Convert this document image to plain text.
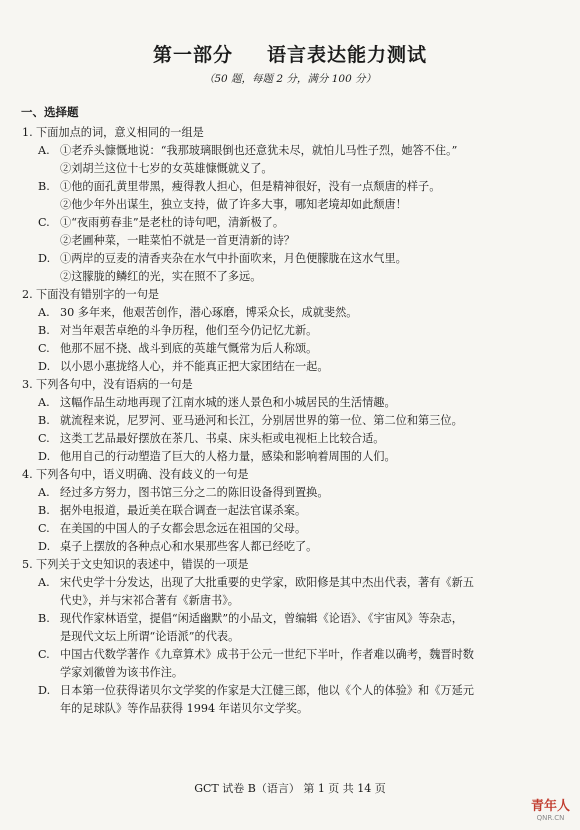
第一部分 语言表达能力测试
（50 题，每题 2 分，满分 100 分）
一、选择题
1. 下面加点的词，意义相同的一组是
A. ①老乔头慷慨地说：“我那玻璃眼倒也还意犹未尽，就怕儿马性子烈，她答不住。”
②刘胡兰这位十七岁的女英雄慷慨就义了。
B. ①他的面孔黄里带黑，瘦得教人担心，但是精神很好，没有一点颓唐的样子。
②他少年外出谋生，独立支持，做了许多大事，哪知老境却如此颓唐！
C. ①“夜雨剪春韭”是老杜的诗句吧，清新极了。
②老圃种菜，一畦菜怕不就是一首更清新的诗？
D. ①两岸的豆麦的清香夹杂在水气中扑面吹来，月色便朦胧在这水气里。
②这朦胧的鳞红的光，实在照不了多远。
2. 下面没有错别字的一句是
A. 30 多年来，他艰苦创作，潜心琢磨，博采众长，成就斐然。
B. 对当年艰苦卓绝的斗争历程，他们至今仍记忆尤新。
C. 他那不屈不挠、战斗到底的英雄气慨常为后人称颂。
D. 以小恩小惠拢络人心，并不能真正把大家团结在一起。
3. 下列各句中，没有语病的一句是
A. 这幅作品生动地再现了江南水城的迷人景色和小城居民的生活情趣。
B. 就流程来说，尼罗河、亚马逊河和长江，分别居世界的第一位、第二位和第三位。
C. 这类工艺品最好摆放在茶几、书桌、床头柜或电视柜上比较合适。
D. 他用自己的行动塑造了巨大的人格力量，感染和影响着周围的人们。
4. 下列各句中，语义明确、没有歧义的一句是
A. 经过多方努力，图书馆三分之二的陈旧设备得到置换。
B. 据外电报道，最近美在联合调查一起法官谋杀案。
C. 在美国的中国人的子女都会思念远在祖国的父母。
D. 桌子上摆放的各种点心和水果那些客人都已经吃了。
5. 下列关于文史知识的表述中，错误的一项是
A. 宋代史学十分发达，出现了大批重要的史学家，欧阳修是其中杰出代表，著有《新五
代史》，并与宋祁合著有《新唐书》。
B. 现代作家林语堂，提倡“闲适幽默”的小品文，曾编辑《论语》、《宇宙风》等杂志，
是现代文坛上所谓“论语派”的代表。
C. 中国古代数学著作《九章算术》成书于公元一世纪下半叶，作者难以确考，魏晋时数
学家刘徽曾为该书作注。
D. 日本第一位获得诺贝尔文学奖的作家是大江健三郎，他以《个人的体验》和《万延元
年的足球队》等作品获得 1994 年诺贝尔文学奖。
GCT 试卷 B（语言） 第 1 页 共 14 页
青年人
QNR.CN
